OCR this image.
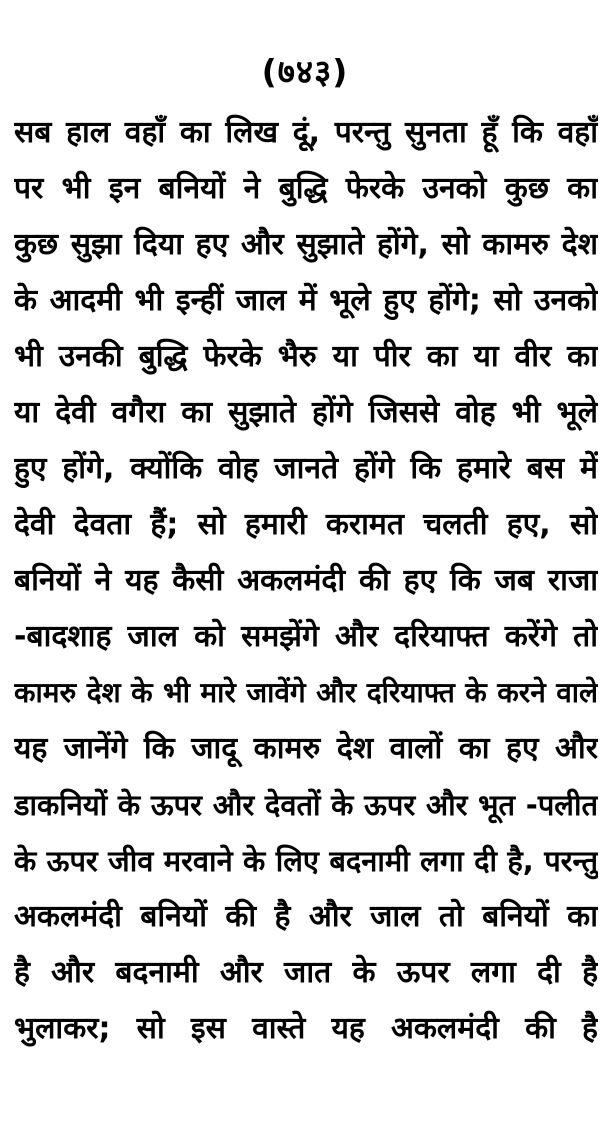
(७४३)
सब हाल वहाँ का लिख दूं, परन्तु सुनता हूँ कि वहाँ
पर भी इन बनियों ने बुद्धि फेरके उनको कुछ का
कुछ सुझा दिया हए और सुझाते होंगे, सो कामरु देश
के आदमी भी इन्हीं जाल में भूले हुए होंगे; सो उनको
भी उनकी बुद्धि फेरके भैरु या पीर का या वीर का
या देवी वगैरा का सुझाते होंगे जिससे वोह भी भूले
हुए होंगे, क्योंकि वोह जानते होंगे कि हमारे बस में
देवी देवता हैं; सो हमारी करामत चलती हए, सो
बनियों ने यह कैसी अकलमंदी की हए कि जब राजा
-बादशाह जाल को समझेंगे और दरियाफ्त करेंगे तो
कामरु देश के भी मारे जावेंगे और दरियाफ्त के करने वाले
यह जानेंगे कि जादू कामरु देश वालों का हए और
डाकनियों के ऊपर और देवतों के ऊपर और भूत -पलीत
के ऊपर जीव मरवाने के लिए बदनामी लगा दी है, परन्तु
अकलमंदी बनियों की है और जाल तो बनियों का
है और बदनामी और जात के ऊपर लगा दी है
भुलाकर; सो इस वास्ते यह अकलमंदी की है
